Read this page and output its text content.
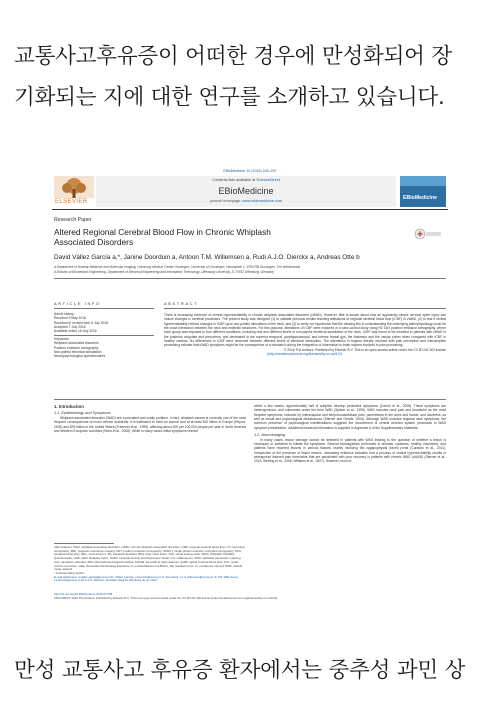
교통사고후유증이 어떠한 경우에 만성화되어 장
기화되는 지에 대한 연구를 소개하고 있습니다.
EBioMedicine 10 (2016) 249–257
ELSEVIER
Contents lists available at ScienceDirect
EBioMedicine
journal homepage: www.ebiomedicine.com	EBioMedicine
Research Paper
Altered Regional Cerebral Blood Flow in Chronic Whiplash
Associated Disorders
David Vállez García a,*, Janine Doorduin a, Antoon T.M. Willemsen a, Rudi A.J.O. Dierckx a, Andreas Otte b
a Department of Nuclear Medicine and Molecular Imaging, University Medical Center Groningen, University of Groningen, Hanzeplein 1, 9700 RB Groningen, The Netherlands
b Division of Biomedical Engineering, Department of Electrical Engineering and Information Technology, Offenburg University, D-77652 Offenburg, Germany
ARTICLE INFO	ABSTRACT
Article history:
Received 3 May 2016
Received in revised form 6 July 2016
Accepted 7 July 2016
Available online 15 July 2016
Keywords:
Whiplash associated disorders
Positron emission tomography
Non-painful electrical stimulation
Neuropsychological questionnaires
There is increasing evidence of central hyperexcitability in chronic whiplash associated disorders (cWAD). However, little is known about how an apparently simple cervical spine injury can induce changes in cerebral processes. The present study was designed (1) to validate previous results showing alterations of regional cerebral blood flow (rCBF) in cWAD, (2) to test if central hyperexcitability reflects changes in rCBF upon non-painful stimulation of the neck, and (3) to verify our hypothesis that the missing link in understanding the underlying pathophysiology could be the close interaction between the neck and midbrain structures. For this purpose, alterations of rCBF were explored in a case-control study using H2 15O positron emission tomography, where each group was exposed to four different conditions, including rest and different levels of non-painful electrical stimulation of the neck. rCBF was found to be elevated in patients with cWAD in the posterior cingulate and precuneus, and decreased in the superior temporal, parahippocampal, and inferior frontal gyri, the thalamus and the insular cortex when compared with rCBF in healthy controls. No differences in rCBF were observed between different levels of electrical stimulation. The alterations in regions directly involved with pain perception and interoceptive processing indicate that cWAD symptoms might be the consequence of a mismatch during the integration of information in brain regions involved in pain processing.
© 2016 The Authors. Published by Elsevier B.V. This is an open access article under the CC BY-NC-ND license
(http://creativecommons.org/licenses/by-nc-nd/4.0/).
1. Introduction
1.1. Epidemiology and Symptoms

Whiplash-associated disorders (WAD) are a prevalent and costly problem. In fact, whiplash trauma is currently one of the most frequent consequences of motor vehicle accidents. It is estimated to have an annual cost of at least €10 billion in Europe (Report, 2005) and $29 billion in the United States (Freeman et al., 1999), affecting about 300 per 100,000 people per year in North America and Western European countries (Holm et al., 2008). While in many cases initial symptoms resolve

Abbreviations: WAD, whiplash associated disorders; cWAD, chronic whiplash associated disorders; rCBF, regional cerebral blood flow; CT, computed tomography; MRI, magnetic resonance imaging; PET, positron emission tomography; SPECT, single-photon emission computed tomography; PAG, periaqueductal gray; HD1, neurotensin 1; SD, standard deviation; BMI, body mass index; VAS, visual analog scale; WDQ, Whiplash Disability Questionnaire; HHS, Neck Disability Index; HADS, Hospital Anxiety and Depression Scale; mA, milliamperes; SPM, statistical parametric mapping; SnC, sandwich estimator; MNI, Montreal Neurological Institute; FWHM, full width at half maximum; gCBF, global cerebral blood flow; SVC, small volume correction; GEE, Generalized Estimating Equations; β, unstandardized coefficient; SE, standard error; CI, confidence interval; DMN, default mode network.
* Corresponding author.
E-mail addresses: d.vallez-garcia@umcg.nl (D. Vállez García), j.doorduin@umcg.nl (J. Doorduin), a.t.m.willemsen@umcg.nl (A.T.M. Willemsen), r.a.dierckx@umcg.nl (R.A.J.O. Dierckx), andreas.otte@hs-offenburg.de (A. Otte).

within a few weeks, approximately half of subjects develop persistent symptoms (Carroll et al., 2008). These symptoms are heterogeneous, and subsumed under the term WAD (Spitzer et al., 1995). WAD includes neck pain and headache as the most frequent symptoms, followed by interscapular and temporomandibular pain, paresthesia in the arms and hands, and dizziness, as well as visual and psychological disturbances (Sterner and Gerdle, 2004). Although WAD includes regional neck symptoms, the common presence of psychological manifestations suggests the involvement of central nervous system processes in WAD symptom presentation. Additional historical information is supplied in Appendix A of the Supplementary Materials.

1.2. Neuroimaging

In many cases, tissue damage cannot be detected in patients with WAD leading to the question of whether a lesion is necessary or sufficient to initiate the symptoms. Several investigations performed in animals, cadavers, healthy volunteers, and patients have reported lesions in various tissues, mainly involving the zygapophysial (facet) joints (Curatolo et al., 2011). Irrespective of the presence of tissue lesions, increasing evidence indicates that a process of central hyperexcitability results in widespread lowered pain thresholds that are associated with poor recovery in patients with chronic WAD (cWAD) (Sterner et al., 2013; Sterling et al., 2006; Williams et al., 2007). However, most of

http://dx.doi.org/10.1016/j.ebiom.2016.07.008
2352-3964/© 2016 The Authors. Published by Elsevier B.V. This is an open access article under the CC BY-NC-ND license (http://creativecommons.org/licenses/by-nc-nd/4.0/).
만성 교통사고 후유증 환자에서는 중추성 과민 상
